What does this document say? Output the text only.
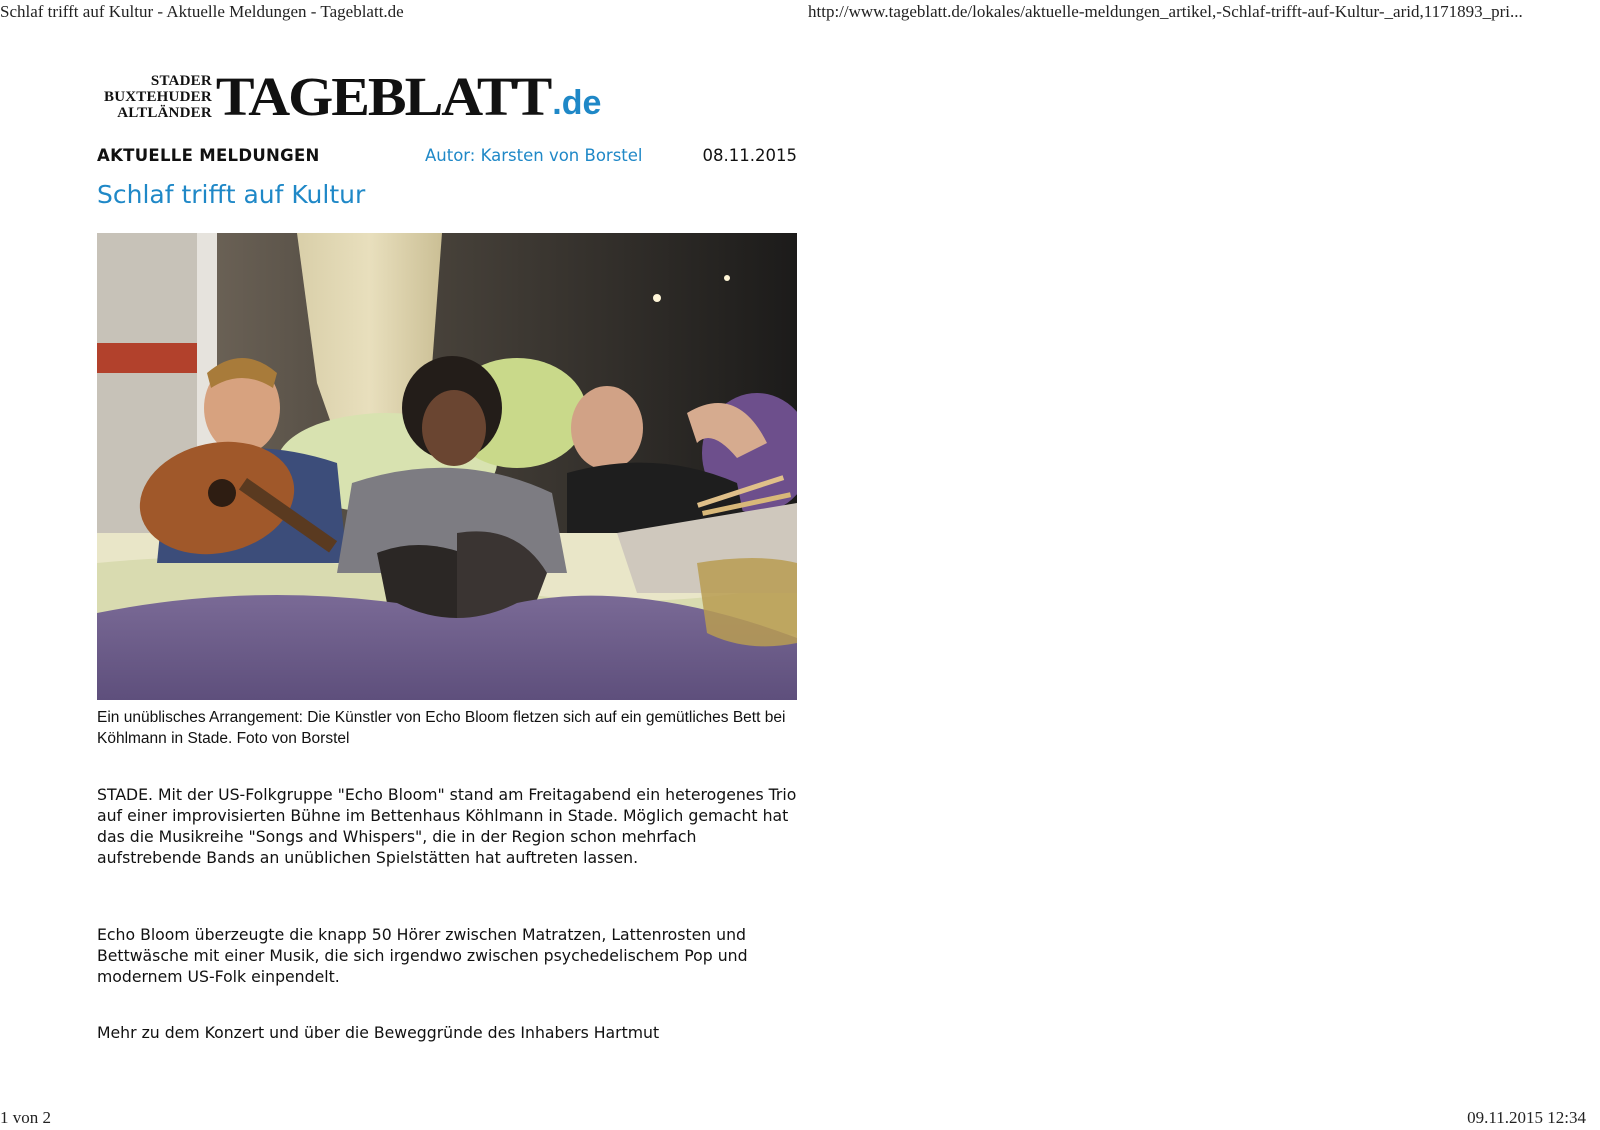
Schlaf trifft auf Kultur - Aktuelle Meldungen - Tageblatt.de	http://www.tageblatt.de/lokales/aktuelle-meldungen_artikel,-Schlaf-trifft-auf-Kultur-_arid,1171893_pri...
STADER
BUXTEHUDER
ALTLÄNDER TAGEBLATT .de
AKTUELLE MELDUNGEN	Autor: Karsten von Borstel	08.11.2015
Schlaf trifft auf Kultur
Ein unüblisches Arrangement: Die Künstler von Echo Bloom fletzen sich auf ein gemütliches Bett bei Köhlmann in Stade. Foto von Borstel

STADE. Mit der US-Folkgruppe "Echo Bloom" stand am Freitagabend ein heterogenes Trio auf einer improvisierten Bühne im Bettenhaus Köhlmann in Stade. Möglich gemacht hat das die Musikreihe "Songs and Whispers", die in der Region schon mehrfach aufstrebende Bands an unüblichen Spielstätten hat auftreten lassen.

Echo Bloom überzeugte die knapp 50 Hörer zwischen Matratzen, Lattenrosten und Bettwäsche mit einer Musik, die sich irgendwo zwischen psychedelischem Pop und modernem US-Folk einpendelt.

Mehr zu dem Konzert und über die Beweggründe des Inhabers Hartmut

1 von 2	09.11.2015 12:34
